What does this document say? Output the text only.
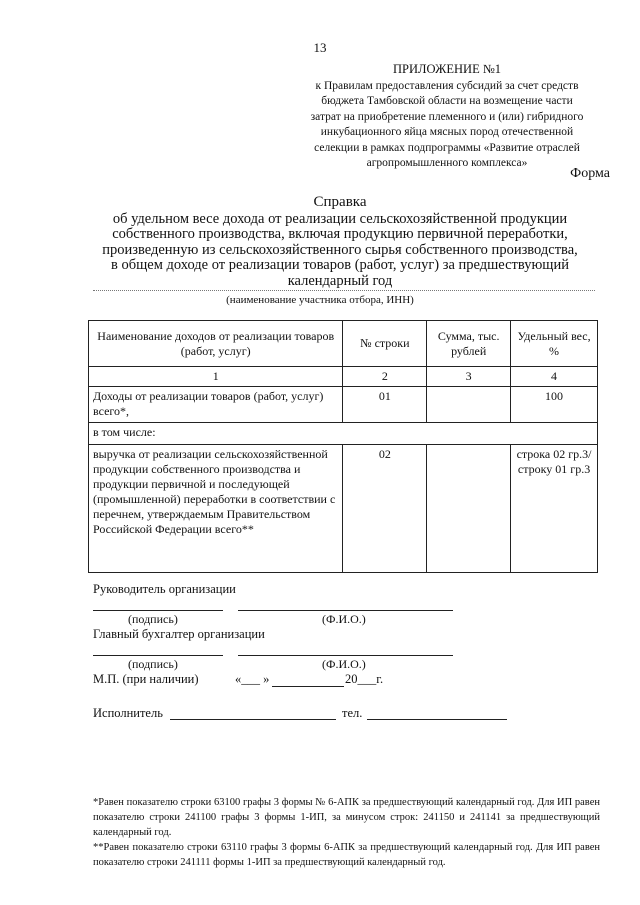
13
ПРИЛОЖЕНИЕ №1
к Правилам предоставления субсидий за счет средств
бюджета Тамбовской области на возмещение части
затрат на приобретение племенного и (или) гибридного
инкубационного яйца мясных пород отечественной
селекции в рамках подпрограммы «Развитие отраслей
агропромышленного комплекса»
Форма
Справка
об удельном весе дохода от реализации сельскохозяйственной продукции
собственного производства, включая продукцию первичной переработки,
произведенную из сельскохозяйственного сырья собственного производства,
в общем доходе от реализации товаров (работ, услуг) за предшествующий
календарный год
(наименование участника отбора, ИНН)
Наименование доходов от реализации товаров (работ, услуг)	№ строки	Сумма, тыс. рублей	Удельный вес, %
1	2	3	4
Доходы от реализации товаров (работ, услуг) всего*,	01		100
в том числе:			
выручка от реализации сельскохозяйственной продукции собственного производства и продукции первичной и последующей (промышленной) переработки в соответствии с перечнем, утверждаемым Правительством Российской Федерации всего**	02		строка 02 гр.3/ строку 01 гр.3
Руководитель организации
(подпись)	(Ф.И.О.)
Главный бухгалтер организации
(подпись)	(Ф.И.О.)
М.П. (при наличии)	«___ »	20___г.
Исполнитель	тел.
*Равен показателю строки 63100 графы 3 формы № 6-АПК за предшествующий календарный год. Для ИП равен показателю строки 241100 графы 3 формы 1-ИП, за минусом строк: 241150 и 241141 за предшествующий календарный год.
**Равен показателю строки 63110 графы 3 формы 6-АПК за предшествующий календарный год. Для ИП равен показателю строки 241111 формы 1-ИП за предшествующий календарный год.
